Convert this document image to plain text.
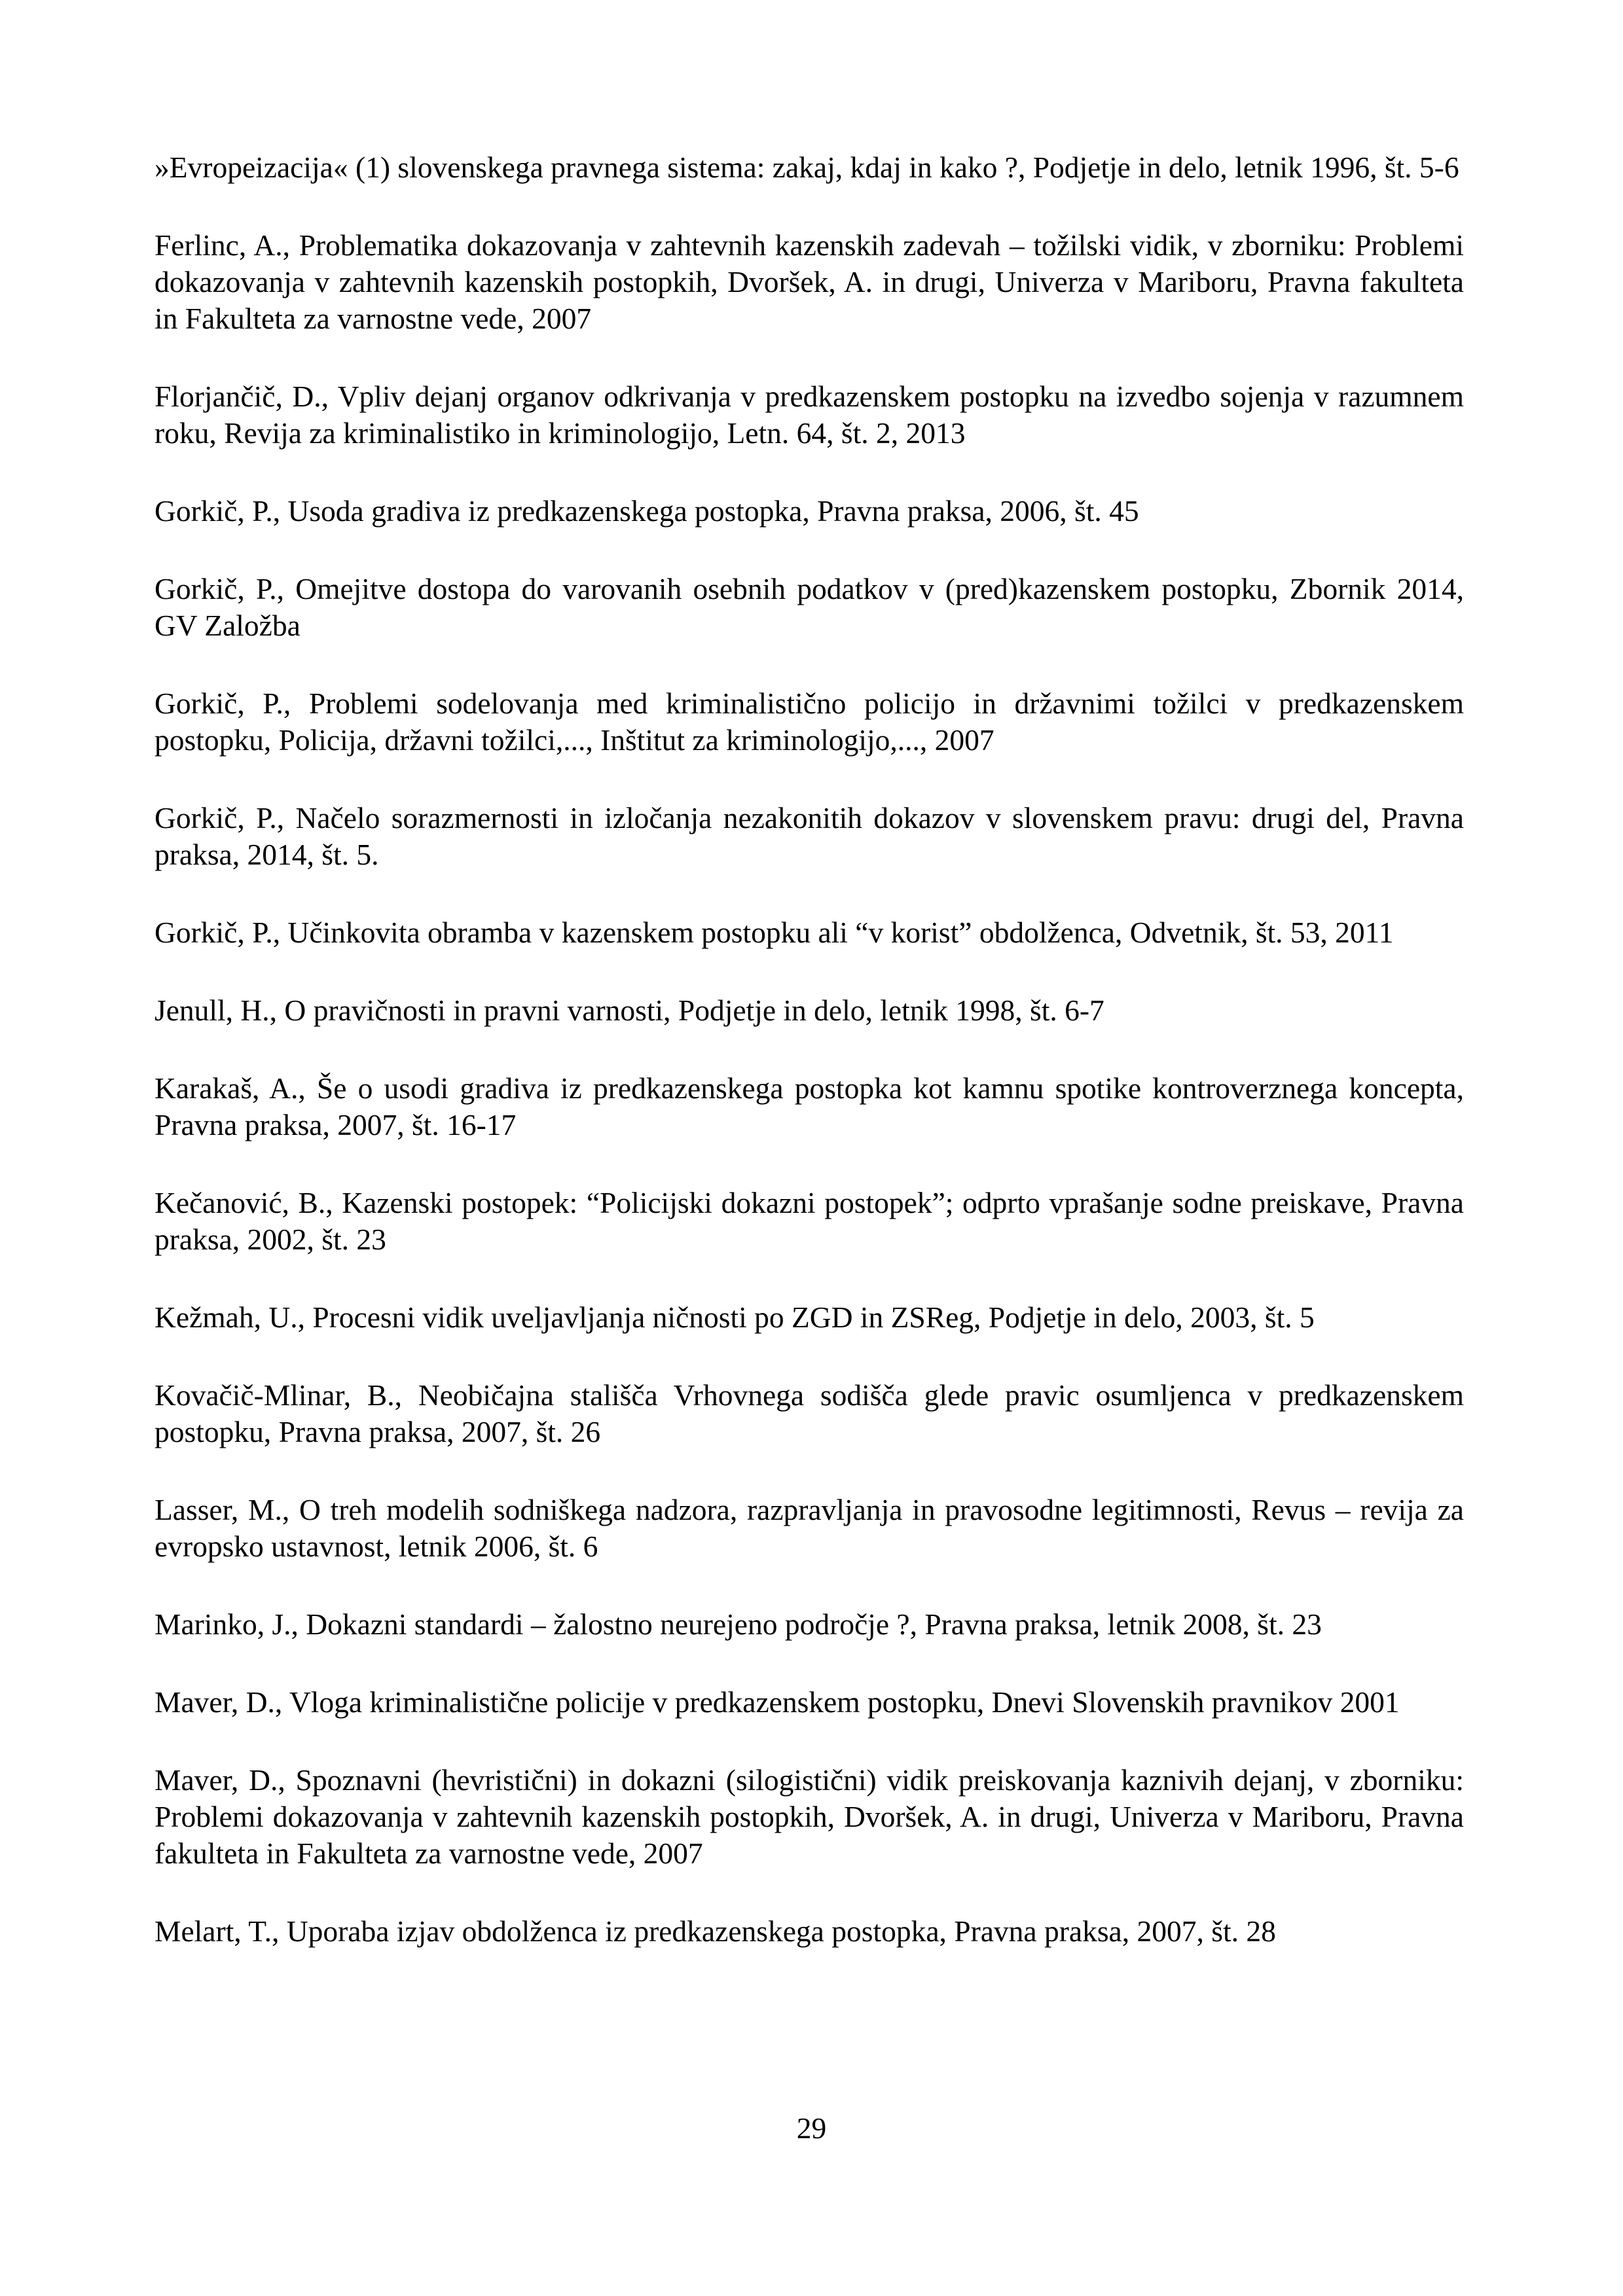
»Evropeizacija« (1) slovenskega pravnega sistema: zakaj, kdaj in kako ?, Podjetje in delo, letnik 1996, št. 5-6

Ferlinc, A., Problematika dokazovanja v zahtevnih kazenskih zadevah – tožilski vidik, v zborniku: Problemi dokazovanja v zahtevnih kazenskih postopkih, Dvoršek, A. in drugi, Univerza v Mariboru, Pravna fakulteta in Fakulteta za varnostne vede, 2007

Florjančič, D., Vpliv dejanj organov odkrivanja v predkazenskem postopku na izvedbo sojenja v razumnem roku, Revija za kriminalistiko in kriminologijo, Letn. 64, št. 2, 2013

Gorkič, P., Usoda gradiva iz predkazenskega postopka, Pravna praksa, 2006, št. 45

Gorkič, P., Omejitve dostopa do varovanih osebnih podatkov v (pred)kazenskem postopku, Zbornik 2014, GV Založba

Gorkič, P., Problemi sodelovanja med kriminalistično policijo in državnimi tožilci v predkazenskem postopku, Policija, državni tožilci,..., Inštitut za kriminologijo,..., 2007

Gorkič, P., Načelo sorazmernosti in izločanja nezakonitih dokazov v slovenskem pravu: drugi del, Pravna praksa, 2014, št. 5.

Gorkič, P., Učinkovita obramba v kazenskem postopku ali “v korist” obdolženca, Odvetnik, št. 53, 2011

Jenull, H., O pravičnosti in pravni varnosti, Podjetje in delo, letnik 1998, št. 6-7

Karakaš, A., Še o usodi gradiva iz predkazenskega postopka kot kamnu spotike kontroverznega koncepta, Pravna praksa, 2007, št. 16-17

Kečanović, B., Kazenski postopek: “Policijski dokazni postopek”; odprto vprašanje sodne preiskave, Pravna praksa, 2002, št. 23

Kežmah, U., Procesni vidik uveljavljanja ničnosti po ZGD in ZSReg, Podjetje in delo, 2003, št. 5

Kovačič-Mlinar, B., Neobičajna stališča Vrhovnega sodišča glede pravic osumljenca v predkazenskem postopku, Pravna praksa, 2007, št. 26

Lasser, M., O treh modelih sodniškega nadzora, razpravljanja in pravosodne legitimnosti, Revus – revija za evropsko ustavnost, letnik 2006, št. 6

Marinko, J., Dokazni standardi – žalostno neurejeno področje ?, Pravna praksa, letnik 2008, št. 23

Maver, D., Vloga kriminalistične policije v predkazenskem postopku, Dnevi Slovenskih pravnikov 2001

Maver, D., Spoznavni (hevristični) in dokazni (silogistični) vidik preiskovanja kaznivih dejanj, v zborniku: Problemi dokazovanja v zahtevnih kazenskih postopkih, Dvoršek, A. in drugi, Univerza v Mariboru, Pravna fakulteta in Fakulteta za varnostne vede, 2007

Melart, T., Uporaba izjav obdolženca iz predkazenskega postopka, Pravna praksa, 2007, št. 28

29
